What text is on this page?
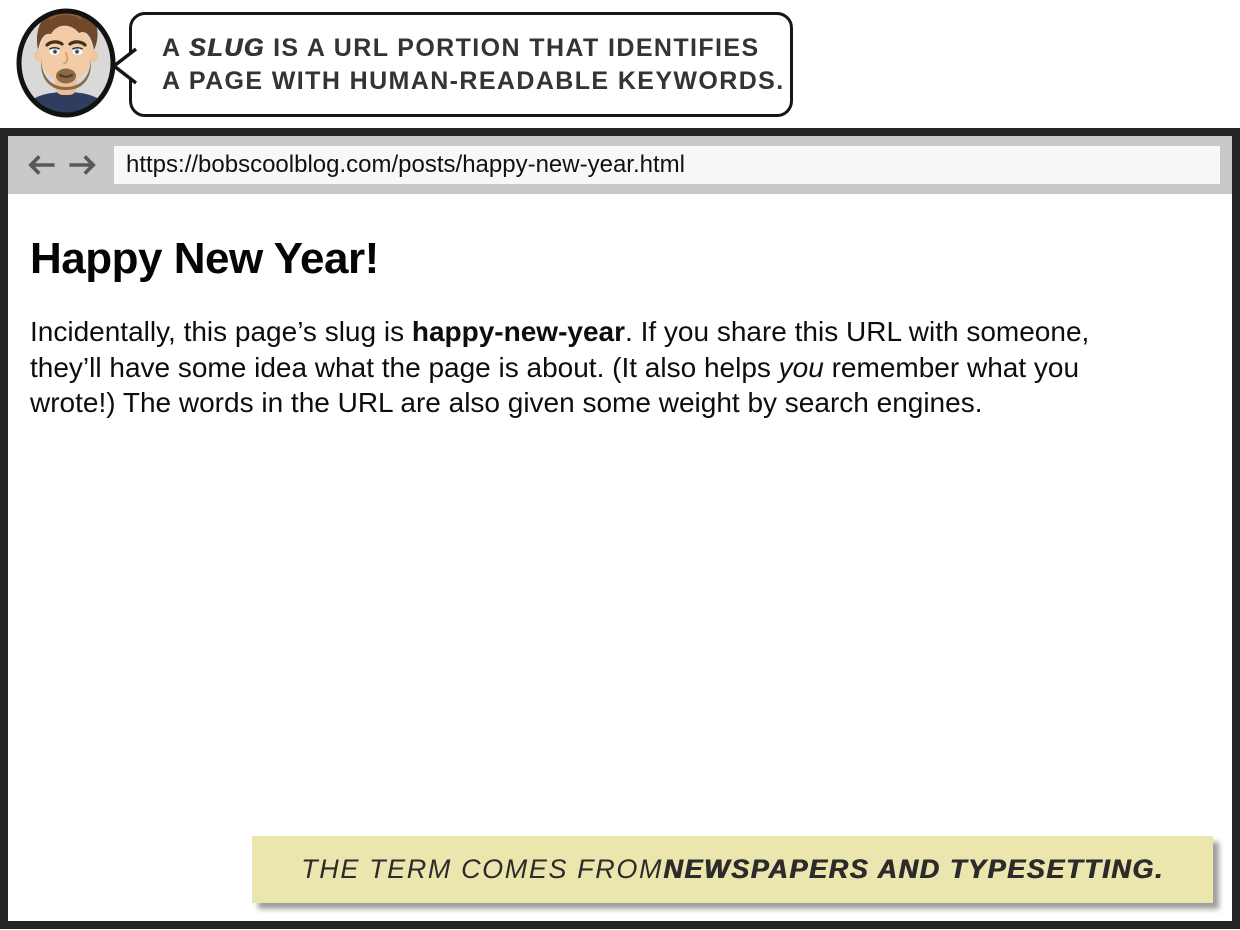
A SLUG IS A URL PORTION THAT IDENTIFIES
A PAGE WITH HUMAN-READABLE KEYWORDS.
https://bobscoolblog.com/posts/happy-new-year.html
Happy New Year!

Incidentally, this page’s slug is happy-new-year. If you share this URL with someone, they’ll have some idea what the page is about. (It also helps you remember what you wrote!) The words in the URL are also given some weight by search engines.

THE TERM COMES FROM NEWSPAPERS AND TYPESETTING.
